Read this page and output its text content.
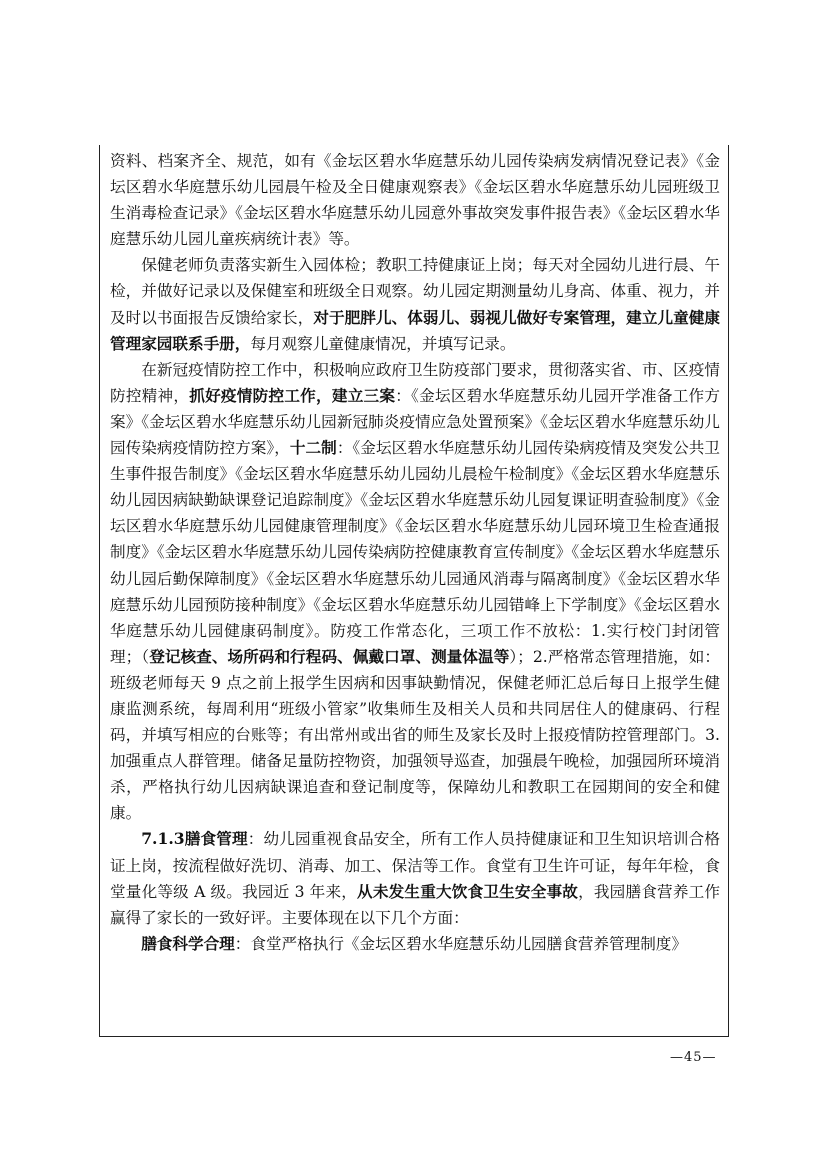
资料、档案齐全、规范，如有《金坛区碧水华庭慧乐幼儿园传染病发病情况登记表》《金坛区碧水华庭慧乐幼儿园晨午检及全日健康观察表》《金坛区碧水华庭慧乐幼儿园班级卫生消毒检查记录》《金坛区碧水华庭慧乐幼儿园意外事故突发事件报告表》《金坛区碧水华庭慧乐幼儿园儿童疾病统计表》等。

保健老师负责落实新生入园体检；教职工持健康证上岗；每天对全园幼儿进行晨、午检，并做好记录以及保健室和班级全日观察。幼儿园定期测量幼儿身高、体重、视力，并及时以书面报告反馈给家长，对于肥胖儿、体弱儿、弱视儿做好专案管理，建立儿童健康管理家园联系手册，每月观察儿童健康情况，并填写记录。

在新冠疫情防控工作中，积极响应政府卫生防疫部门要求，贯彻落实省、市、区疫情防控精神，抓好疫情防控工作，建立三案：《金坛区碧水华庭慧乐幼儿园开学准备工作方案》《金坛区碧水华庭慧乐幼儿园新冠肺炎疫情应急处置预案》《金坛区碧水华庭慧乐幼儿园传染病疫情防控方案》，十二制：《金坛区碧水华庭慧乐幼儿园传染病疫情及突发公共卫生事件报告制度》《金坛区碧水华庭慧乐幼儿园幼儿晨检午检制度》《金坛区碧水华庭慧乐幼儿园因病缺勤缺课登记追踪制度》《金坛区碧水华庭慧乐幼儿园复课证明查验制度》《金坛区碧水华庭慧乐幼儿园健康管理制度》《金坛区碧水华庭慧乐幼儿园环境卫生检查通报制度》《金坛区碧水华庭慧乐幼儿园传染病防控健康教育宣传制度》《金坛区碧水华庭慧乐幼儿园后勤保障制度》《金坛区碧水华庭慧乐幼儿园通风消毒与隔离制度》《金坛区碧水华庭慧乐幼儿园预防接种制度》《金坛区碧水华庭慧乐幼儿园错峰上下学制度》《金坛区碧水华庭慧乐幼儿园健康码制度》。防疫工作常态化，三项工作不放松：1.实行校门封闭管理；（登记核查、场所码和行程码、佩戴口罩、测量体温等）；2.严格常态管理措施，如：班级老师每天 9 点之前上报学生因病和因事缺勤情况，保健老师汇总后每日上报学生健康监测系统，每周利用“班级小管家”收集师生及相关人员和共同居住人的健康码、行程码，并填写相应的台账等；有出常州或出省的师生及家长及时上报疫情防控管理部门。3.加强重点人群管理。储备足量防控物资，加强领导巡查，加强晨午晚检，加强园所环境消杀，严格执行幼儿因病缺课追查和登记制度等，保障幼儿和教职工在园期间的安全和健康。

7.1.3膳食管理：幼儿园重视食品安全，所有工作人员持健康证和卫生知识培训合格证上岗，按流程做好洗切、消毒、加工、保洁等工作。食堂有卫生许可证，每年年检，食堂量化等级 A 级。我园近 3 年来，从未发生重大饮食卫生安全事故，我园膳食营养工作赢得了家长的一致好评。主要体现在以下几个方面：

膳食科学合理：食堂严格执行《金坛区碧水华庭慧乐幼儿园膳食营养管理制度》

—45—
